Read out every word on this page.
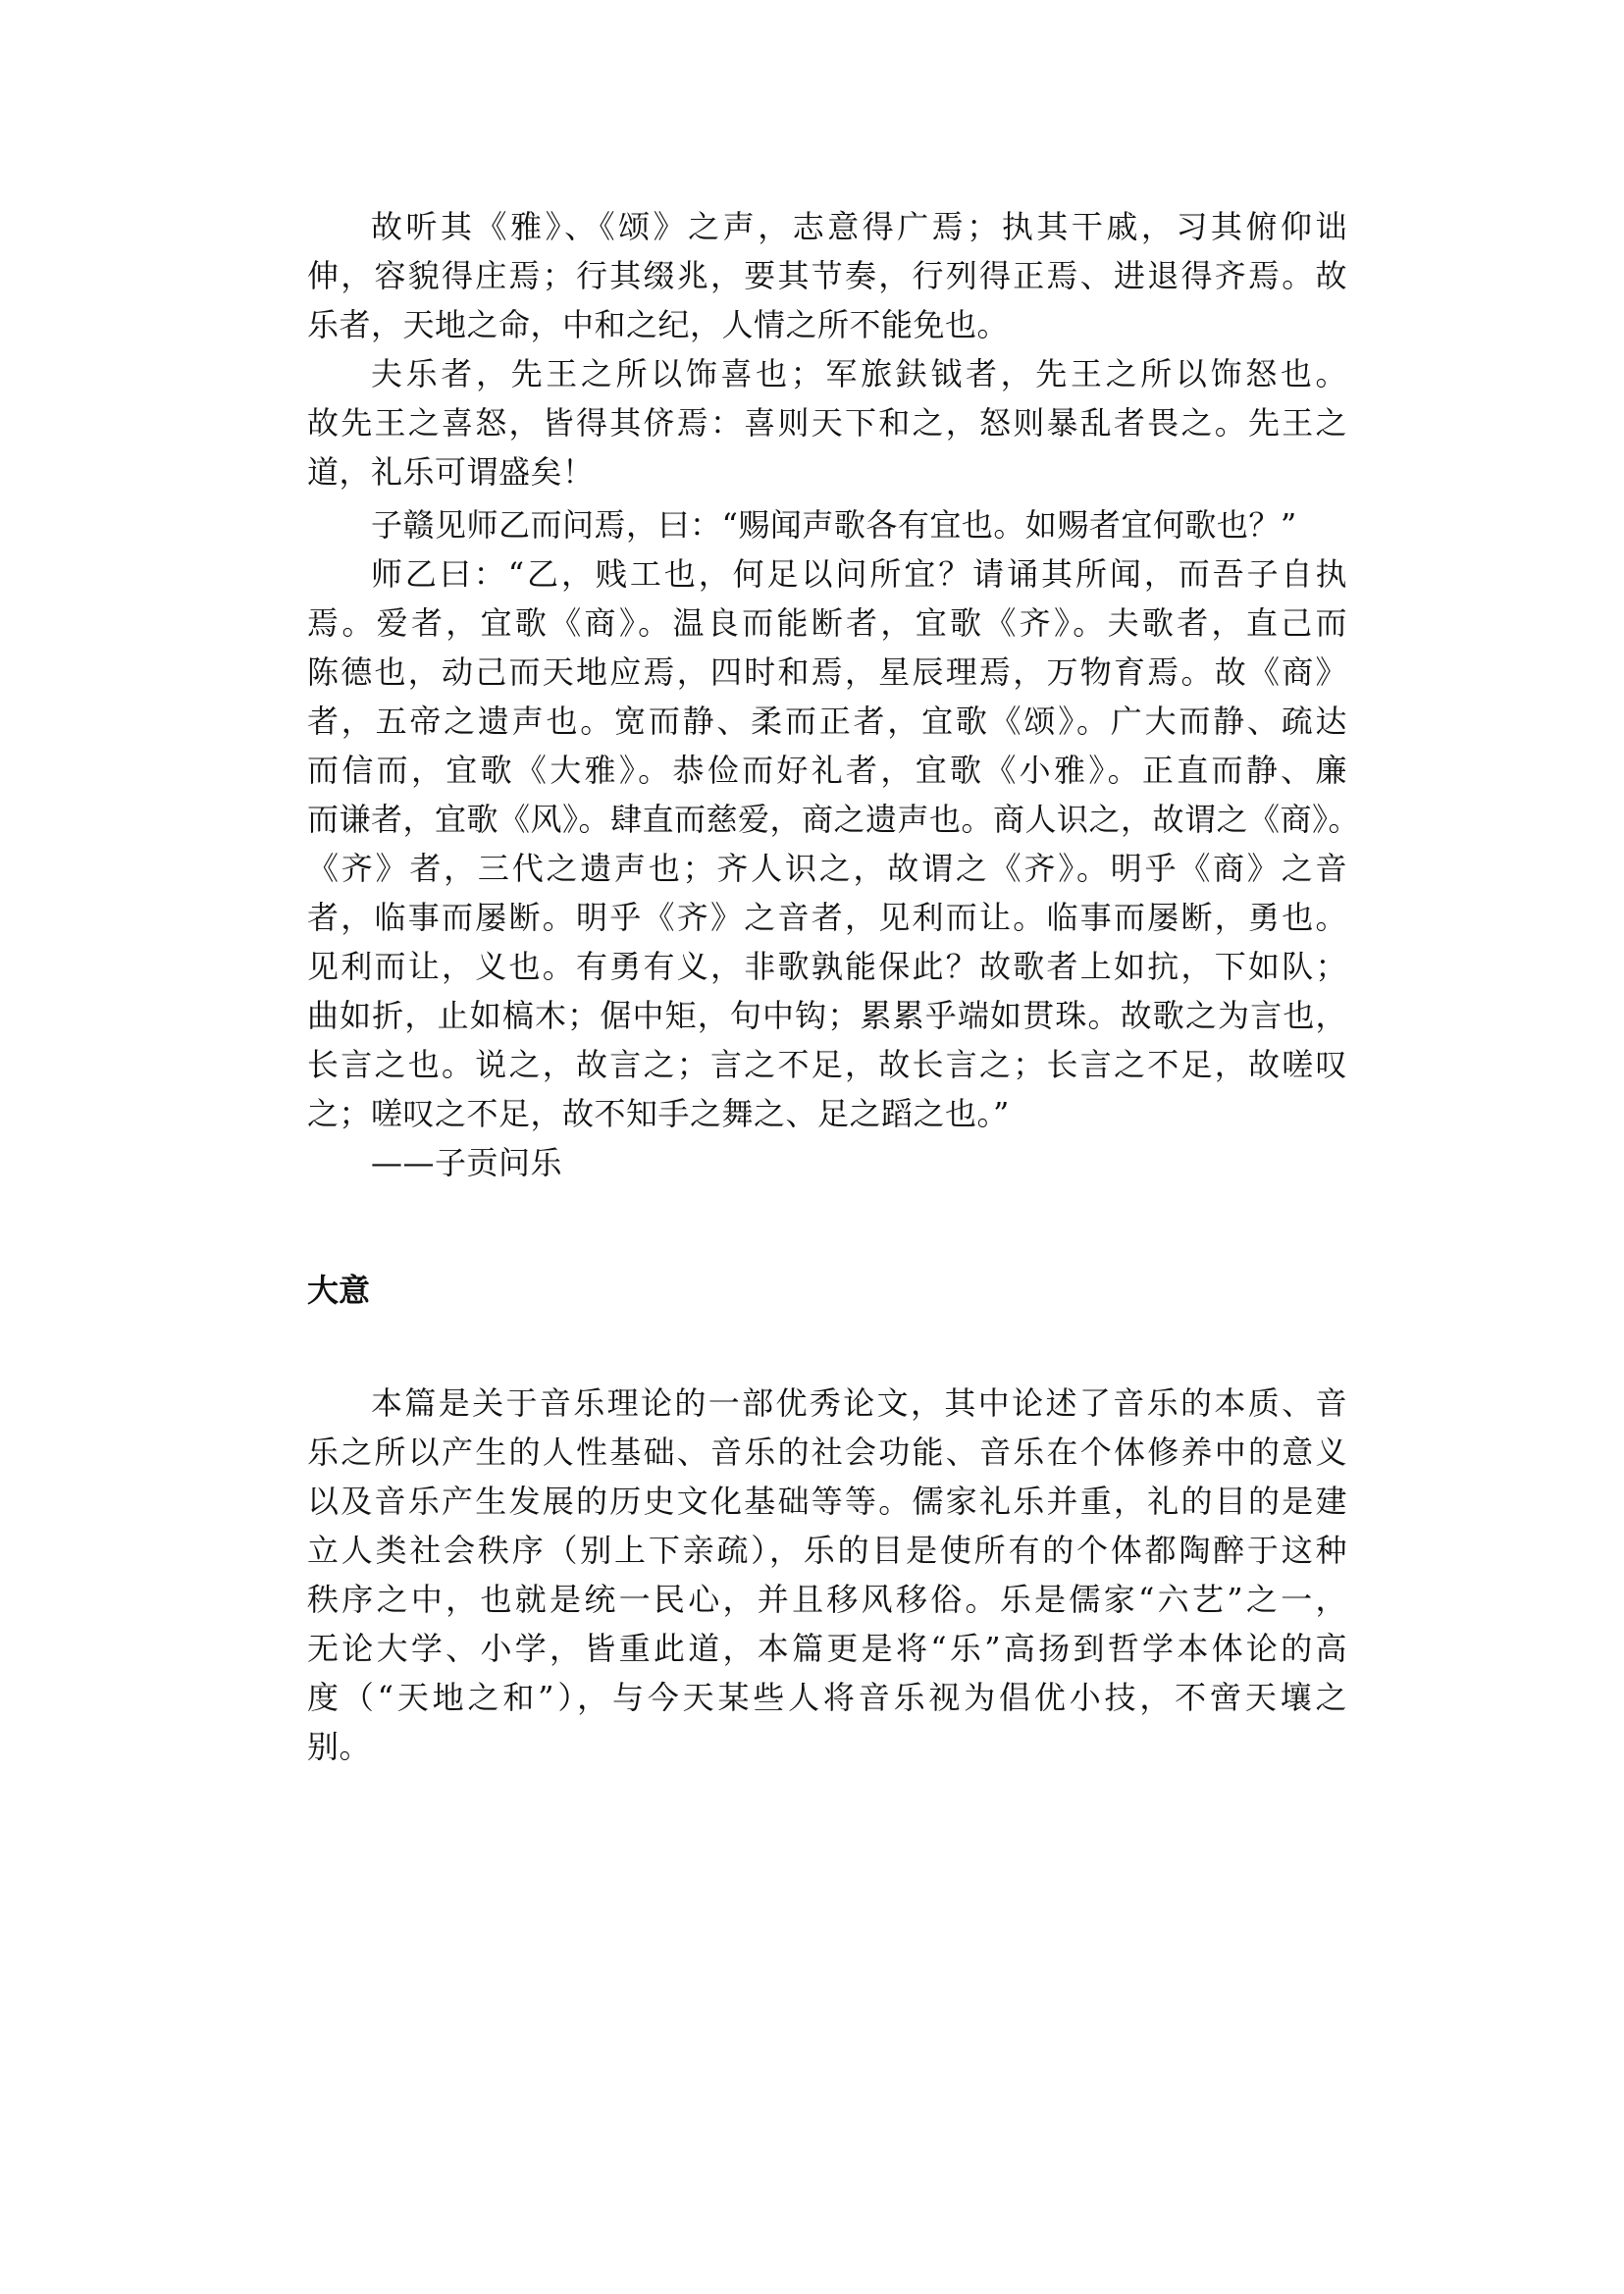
故听其《雅》、《颂》之声，志意得广焉；执其干戚，习其俯仰诎
伸，容貌得庄焉；行其缀兆，要其节奏，行列得正焉、进退得齐焉。故
乐者，天地之命，中和之纪，人情之所不能免也。
夫乐者，先王之所以饰喜也；军旅鈇钺者，先王之所以饰怒也。
故先王之喜怒，皆得其侪焉：喜则天下和之，怒则暴乱者畏之。先王之
道，礼乐可谓盛矣！
子赣见师乙而问焉，曰：“赐闻声歌各有宜也。如赐者宜何歌也？”
师乙曰：“乙，贱工也，何足以问所宜？请诵其所闻，而吾子自执
焉。爱者，宜歌《商》。温良而能断者，宜歌《齐》。夫歌者，直己而
陈德也，动己而天地应焉，四时和焉，星辰理焉，万物育焉。故《商》
者，五帝之遗声也。宽而静、柔而正者，宜歌《颂》。广大而静、疏达
而信而，宜歌《大雅》。恭俭而好礼者，宜歌《小雅》。正直而静、廉
而谦者，宜歌《风》。肆直而慈爱，商之遗声也。商人识之，故谓之《商》。
《齐》者，三代之遗声也；齐人识之，故谓之《齐》。明乎《商》之音
者，临事而屡断。明乎《齐》之音者，见利而让。临事而屡断，勇也。
见利而让，义也。有勇有义，非歌孰能保此？故歌者上如抗，下如队；
曲如折，止如槁木；倨中矩，句中钩；累累乎端如贯珠。故歌之为言也，
长言之也。说之，故言之；言之不足，故长言之；长言之不足，故嗟叹
之；嗟叹之不足，故不知手之舞之、足之蹈之也。”
——子贡问乐
大意
本篇是关于音乐理论的一部优秀论文，其中论述了音乐的本质、音
乐之所以产生的人性基础、音乐的社会功能、音乐在个体修养中的意义
以及音乐产生发展的历史文化基础等等。儒家礼乐并重，礼的目的是建
立人类社会秩序（别上下亲疏），乐的目是使所有的个体都陶醉于这种
秩序之中，也就是统一民心，并且移风移俗。乐是儒家“六艺”之一，
无论大学、小学，皆重此道，本篇更是将“乐”高扬到哲学本体论的高
度（“天地之和”），与今天某些人将音乐视为倡优小技，不啻天壤之
别。
